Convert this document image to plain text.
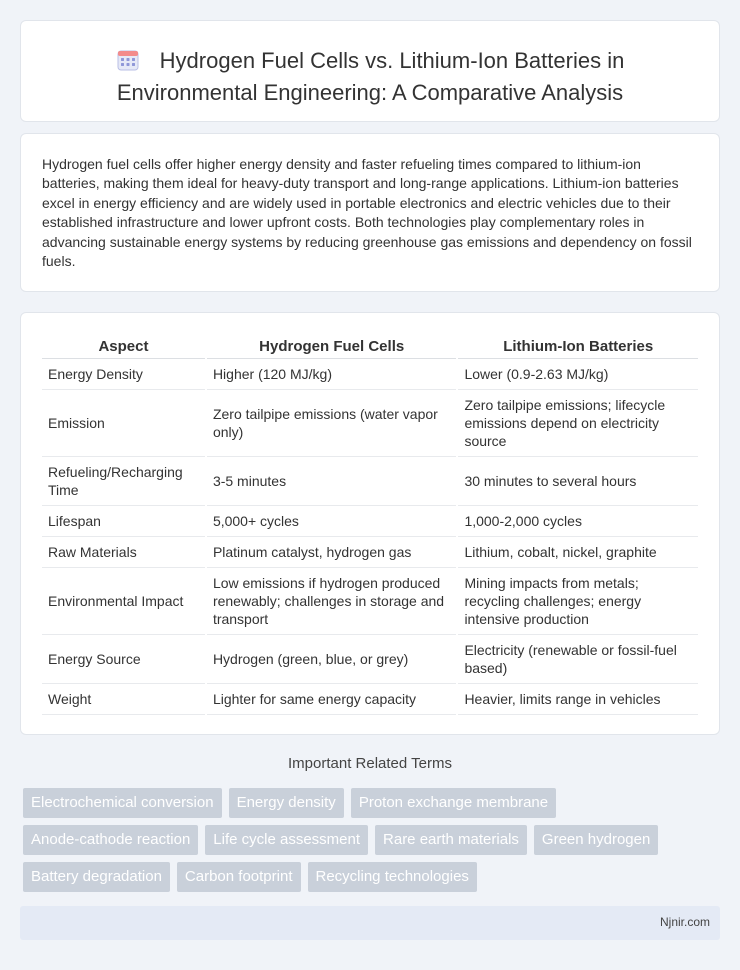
Hydrogen Fuel Cells vs. Lithium-Ion Batteries in
Environmental Engineering: A Comparative Analysis

Hydrogen fuel cells offer higher energy density and faster refueling times compared to lithium-ion batteries, making them ideal for heavy-duty transport and long-range applications. Lithium-ion batteries excel in energy efficiency and are widely used in portable electronics and electric vehicles due to their established infrastructure and lower upfront costs. Both technologies play complementary roles in advancing sustainable energy systems by reducing greenhouse gas emissions and dependency on fossil fuels.

Aspect	Hydrogen Fuel Cells	Lithium-Ion Batteries
Energy Density	Higher (120 MJ/kg)	Lower (0.9-2.63 MJ/kg)
Emission	Zero tailpipe emissions (water vapor only)	Zero tailpipe emissions; lifecycle emissions depend on electricity source
Refueling/Recharging Time	3-5 minutes	30 minutes to several hours
Lifespan	5,000+ cycles	1,000-2,000 cycles
Raw Materials	Platinum catalyst, hydrogen gas	Lithium, cobalt, nickel, graphite
Environmental Impact	Low emissions if hydrogen produced renewably; challenges in storage and transport	Mining impacts from metals; recycling challenges; energy intensive production
Energy Source	Hydrogen (green, blue, or grey)	Electricity (renewable or fossil-fuel based)
Weight	Lighter for same energy capacity	Heavier, limits range in vehicles
Important Related Terms
Electrochemical conversion	Energy density	Proton exchange membrane
Anode-cathode reaction	Life cycle assessment	Rare earth materials	Green hydrogen
Battery degradation	Carbon footprint	Recycling technologies
Njnir.com
